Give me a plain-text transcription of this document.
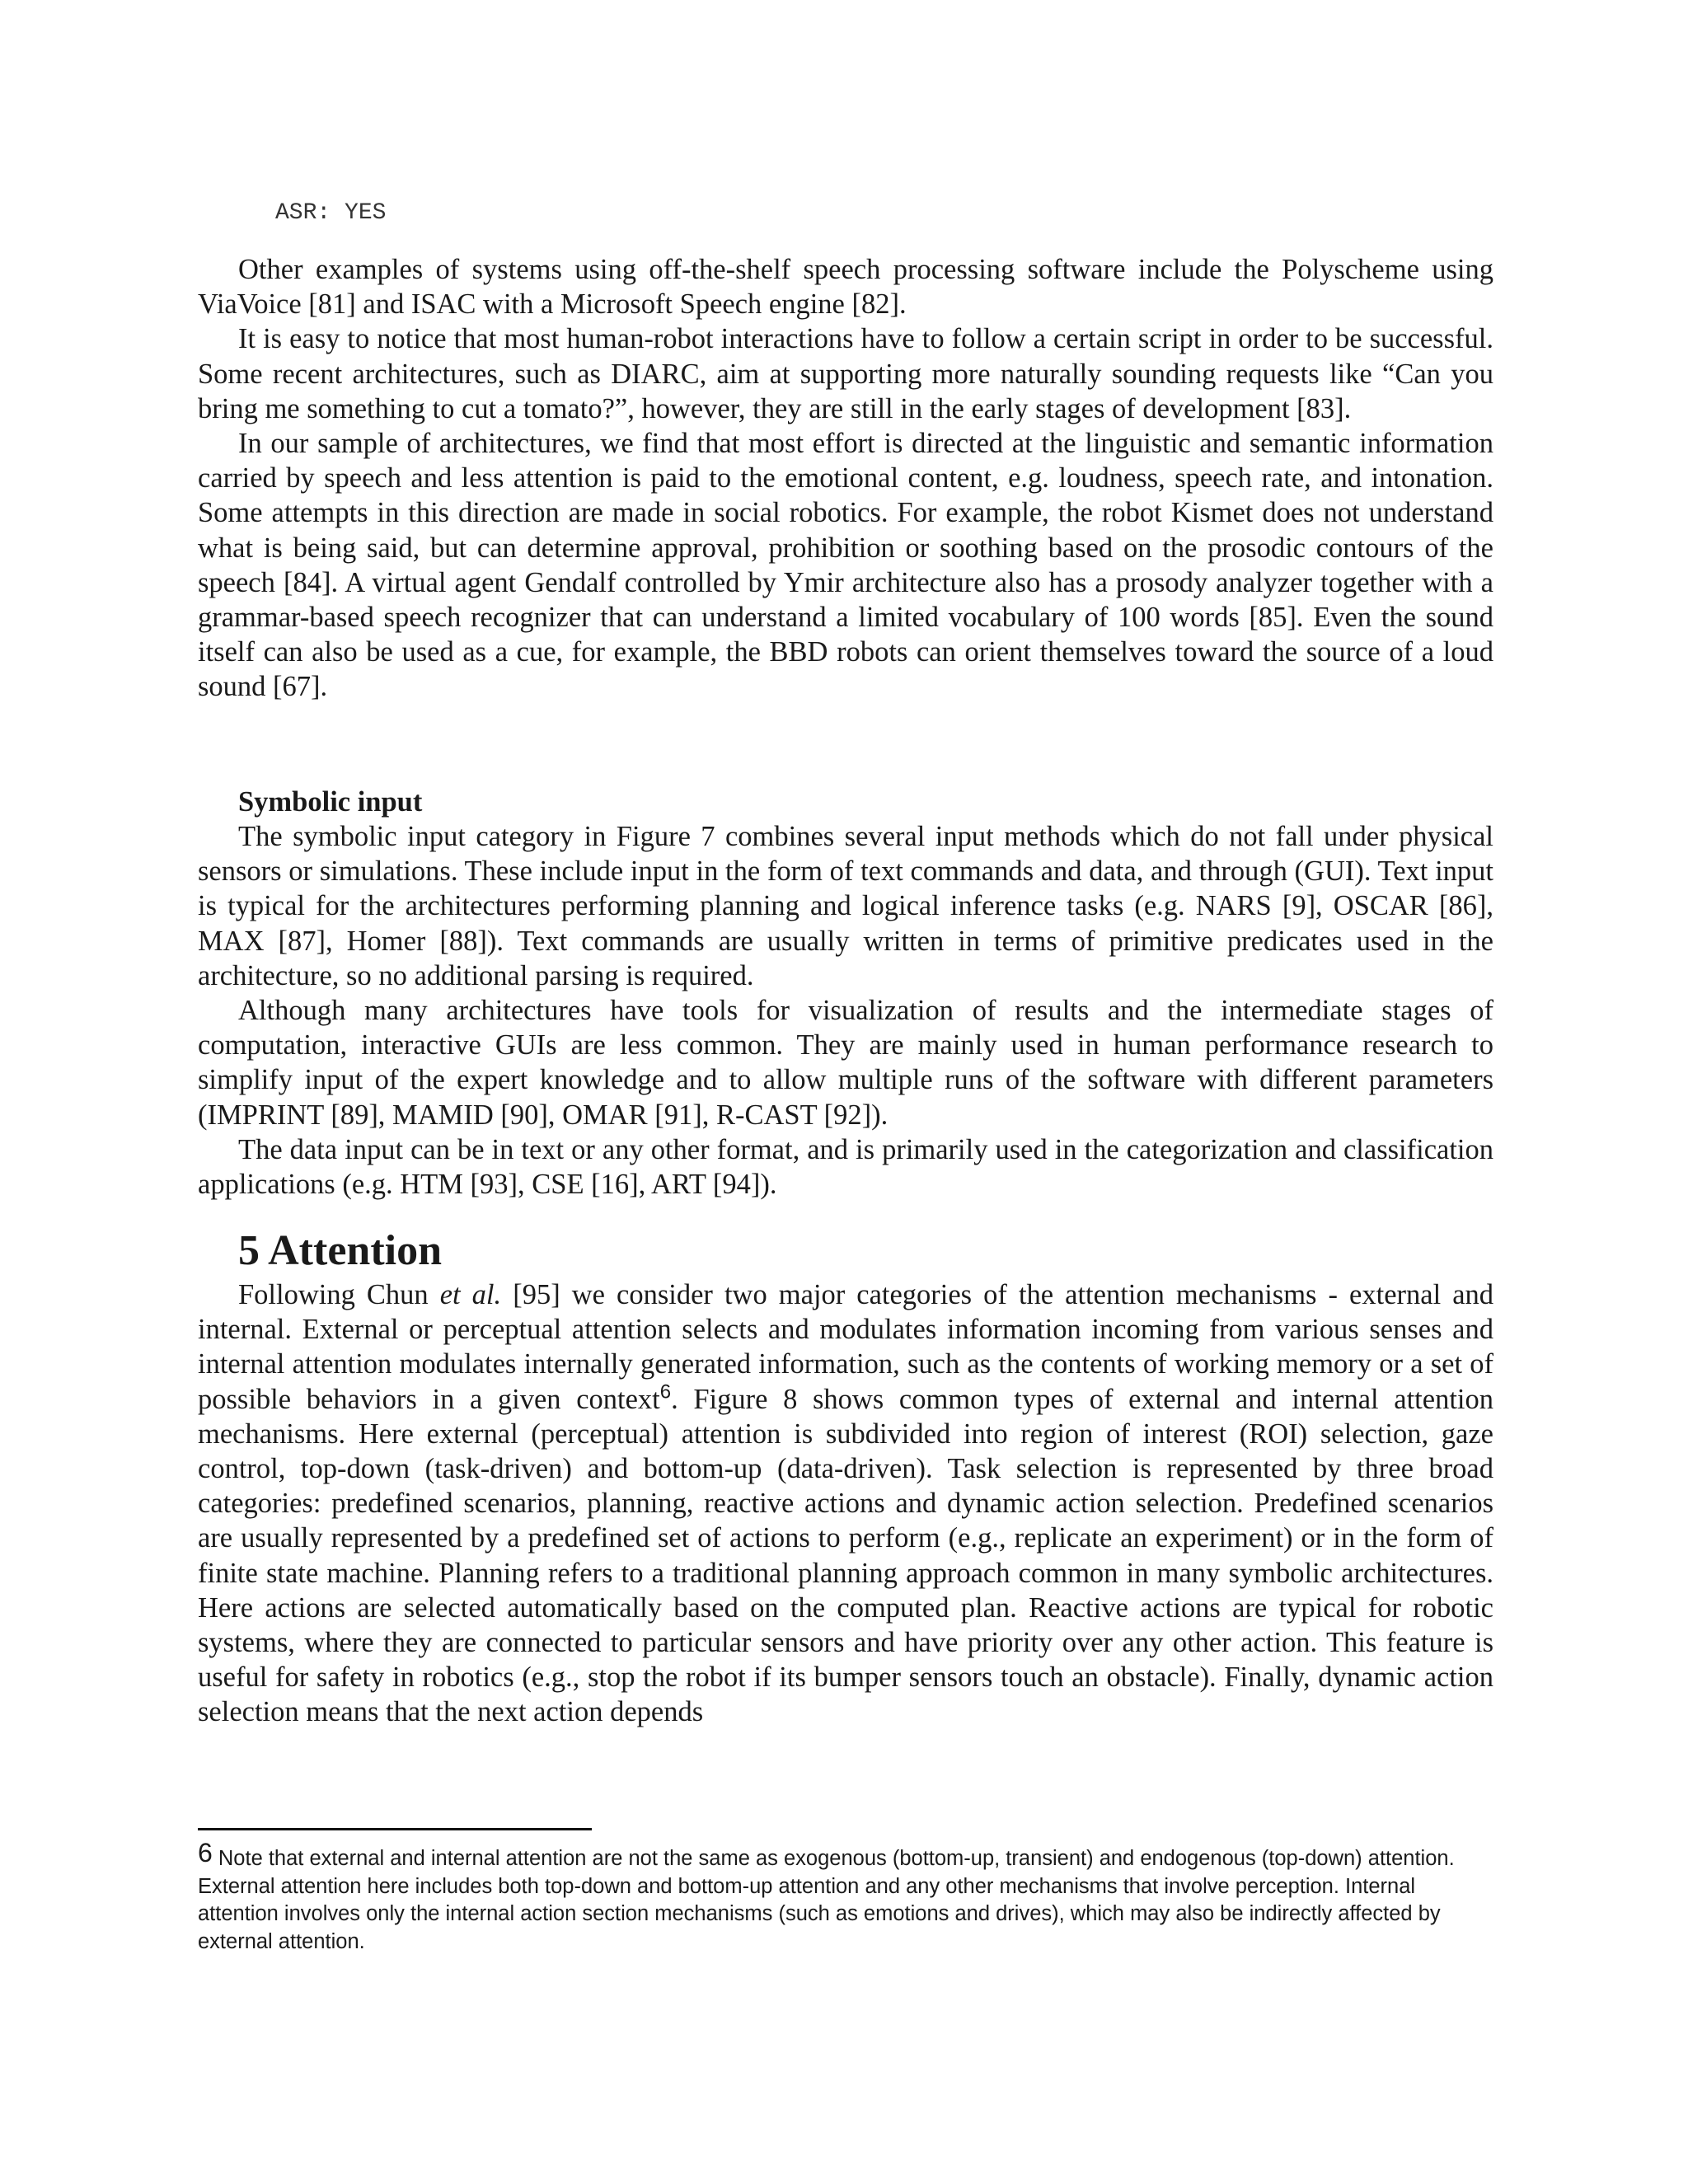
ASR: YES

Other examples of systems using off-the-shelf speech processing software include the Polyscheme using ViaVoice [81] and ISAC with a Microsoft Speech engine [82].

It is easy to notice that most human-robot interactions have to follow a certain script in order to be successful. Some recent architectures, such as DIARC, aim at supporting more naturally sounding requests like “Can you bring me something to cut a tomato?”, however, they are still in the early stages of development [83].

In our sample of architectures, we find that most effort is directed at the linguistic and semantic information carried by speech and less attention is paid to the emotional content, e.g. loudness, speech rate, and intonation. Some attempts in this direction are made in social robotics. For example, the robot Kismet does not understand what is being said, but can determine approval, prohibition or soothing based on the prosodic contours of the speech [84]. A virtual agent Gendalf controlled by Ymir architecture also has a prosody analyzer together with a grammar-based speech recognizer that can understand a limited vocabulary of 100 words [85]. Even the sound itself can also be used as a cue, for example, the BBD robots can orient themselves toward the source of a loud sound [67].

Symbolic input

The symbolic input category in Figure 7 combines several input methods which do not fall under physical sensors or simulations. These include input in the form of text commands and data, and through (GUI). Text input is typical for the architectures performing planning and logical inference tasks (e.g. NARS [9], OSCAR [86], MAX [87], Homer [88]). Text commands are usually written in terms of primitive predicates used in the architecture, so no additional parsing is required.

Although many architectures have tools for visualization of results and the intermediate stages of computation, interactive GUIs are less common. They are mainly used in human performance research to simplify input of the expert knowledge and to allow multiple runs of the software with different parameters (IMPRINT [89], MAMID [90], OMAR [91], R-CAST [92]).

The data input can be in text or any other format, and is primarily used in the categorization and classification applications (e.g. HTM [93], CSE [16], ART [94]).

5 Attention

Following Chun et al. [95] we consider two major categories of the attention mechanisms - external and internal. External or perceptual attention selects and modulates information incoming from various senses and internal attention modulates internally generated information, such as the contents of working memory or a set of possible behaviors in a given context$^6$. Figure 8 shows common types of external and internal attention mechanisms. Here external (perceptual) attention is subdivided into region of interest (ROI) selection, gaze control, top-down (task-driven) and bottom-up (data-driven). Task selection is represented by three broad categories: predefined scenarios, planning, reactive actions and dynamic action selection. Predefined scenarios are usually represented by a predefined set of actions to perform (e.g., replicate an experiment) or in the form of finite state machine. Planning refers to a traditional planning approach common in many symbolic architectures. Here actions are selected automatically based on the computed plan. Reactive actions are typical for robotic systems, where they are connected to particular sensors and have priority over any other action. This feature is useful for safety in robotics (e.g., stop the robot if its bumper sensors touch an obstacle). Finally, dynamic action selection means that the next action depends

6 Note that external and internal attention are not the same as exogenous (bottom-up, transient) and endogenous (top-down) attention. External attention here includes both top-down and bottom-up attention and any other mechanisms that involve perception. Internal attention involves only the internal action section mechanisms (such as emotions and drives), which may also be indirectly affected by external attention.
